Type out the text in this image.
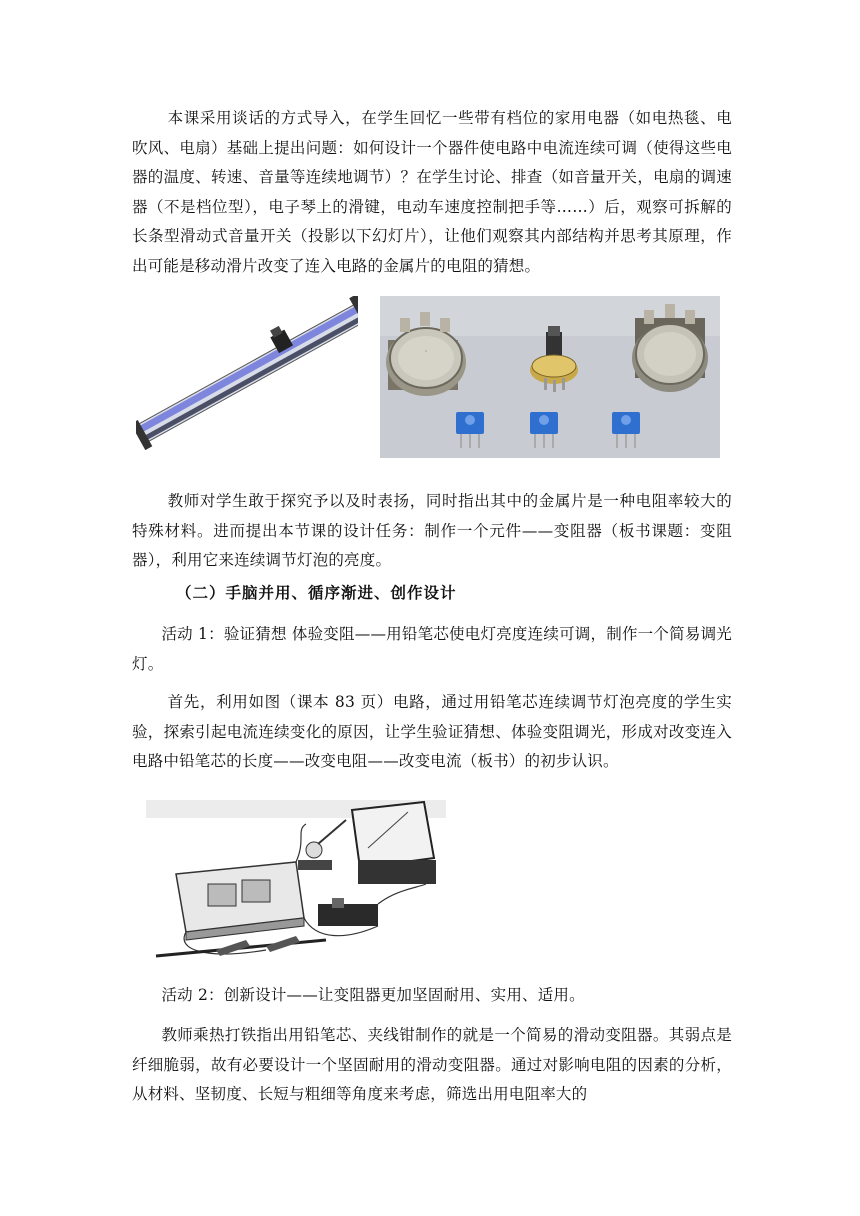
本课采用谈话的方式导入，在学生回忆一些带有档位的家用电器（如电热毯、电吹风、电扇）基础上提出问题：如何设计一个器件使电路中电流连续可调（使得这些电器的温度、转速、音量等连续地调节）？在学生讨论、排查（如音量开关，电扇的调速器（不是档位型），电子琴上的滑键，电动车速度控制把手等……）后，观察可拆解的长条型滑动式音量开关（投影以下幻灯片），让他们观察其内部结构并思考其原理，作出可能是移动滑片改变了连入电路的金属片的电阻的猜想。

·

教师对学生敢于探究予以及时表扬，同时指出其中的金属片是一种电阻率较大的特殊材料。进而提出本节课的设计任务：制作一个元件——变阻器（板书课题：变阻器），利用它来连续调节灯泡的亮度。

（二）手脑并用、循序渐进、创作设计

活动 1：验证猜想 体验变阻——用铅笔芯使电灯亮度连续可调，制作一个简易调光灯。

首先，利用如图（课本 83 页）电路，通过用铅笔芯连续调节灯泡亮度的学生实验，探索引起电流连续变化的原因，让学生验证猜想、体验变阻调光，形成对改变连入电路中铅笔芯的长度——改变电阻——改变电流（板书）的初步认识。

活动 2：创新设计——让变阻器更加坚固耐用、实用、适用。

教师乘热打铁指出用铅笔芯、夹线钳制作的就是一个简易的滑动变阻器。其弱点是纤细脆弱，故有必要设计一个坚固耐用的滑动变阻器。通过对影响电阻的因素的分析，从材料、坚韧度、长短与粗细等角度来考虑，筛选出用电阻率大的
